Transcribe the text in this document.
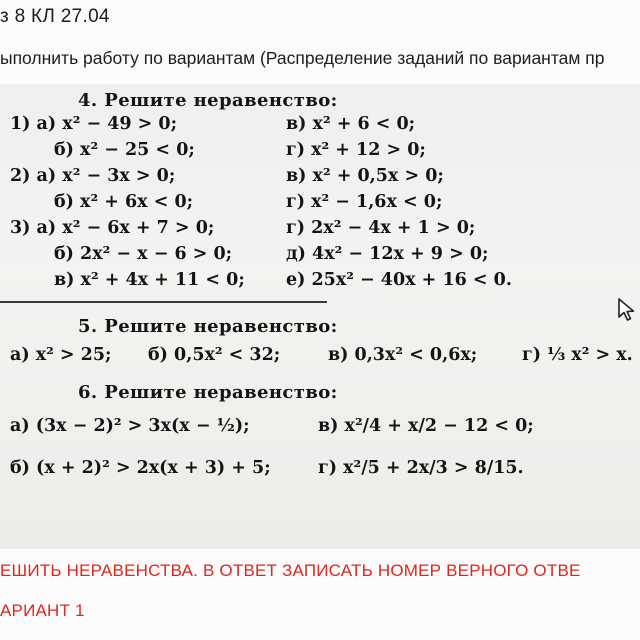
з 8 КЛ 27.04
ыполнить работу по вариантам (Распределение заданий по вариантам пр
4. Решите неравенство:
1) а) x² − 49 > 0;	в) x² + 6 < 0;
б) x² − 25 < 0;	г) x² + 12 > 0;
2) а) x² − 3x > 0;	в) x² + 0,5x > 0;
б) x² + 6x < 0;	г) x² − 1,6x < 0;
3) а) x² − 6x + 7 > 0;	г) 2x² − 4x + 1 > 0;
б) 2x² − x − 6 > 0;	д) 4x² − 12x + 9 > 0;
в) x² + 4x + 11 < 0; е) 25x² − 40x + 16 < 0.
5. Решите неравенство:
а) x² > 25; б) 0,5x² < 32;	в) 0,3x² < 0,6x;	г) ⅓ x² > x.
6. Решите неравенство:
а) (3x − 2)² > 3x(x − ½);	в) x²/4 + x/2 − 12 < 0;
б) (x + 2)² > 2x(x + 3) + 5;	г) x²/5 + 2x/3 > 8/15.
ЕШИТЬ НЕРАВЕНСТВА. В ОТВЕТ ЗАПИСАТЬ НОМЕР ВЕРНОГО ОТВЕ
АРИАНТ 1
